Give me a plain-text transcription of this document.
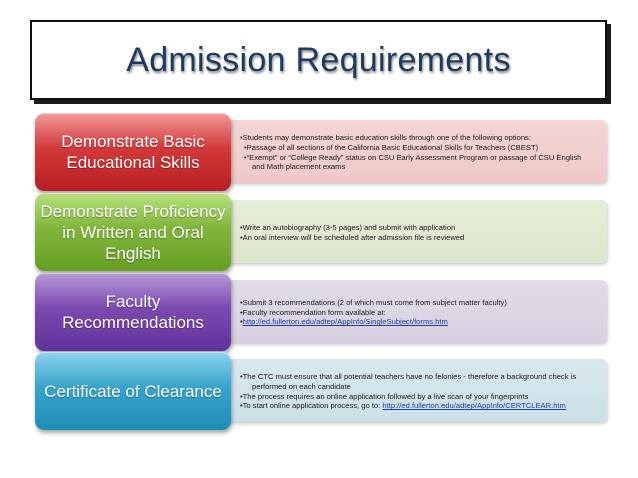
Admission Requirements
•Students may demonstrate basic education skills through one of the following options:
•Passage of all sections of the California Basic Educational Skills for Teachers (CBEST)
•“Exempt” or “College Ready” status on CSU Early Assessment Program or passage of CSU English
and Math placement exams
Demonstrate Basic Educational Skills
•Write an autobiography (3-5 pages) and submit with application
•An oral interview will be scheduled after admission file is reviewed
Demonstrate Proficiency in Written and Oral English
•Submit 3 recommendations (2 of which must come from subject matter faculty)
•Faculty recommendation form available at:
•http://ed.fullerton.edu/adtep/AppInfo/SingleSubject/forms.htm
Faculty Recommendations
•The CTC must ensure that all potential teachers have no felonies - therefore a background check is
performed on each candidate
•The process requires an online application followed by a live scan of your fingerprints
•To start online application process, go to: http://ed.fullerton.edu/adtep/AppInfo/CERTCLEAR.htm
Certificate of Clearance
